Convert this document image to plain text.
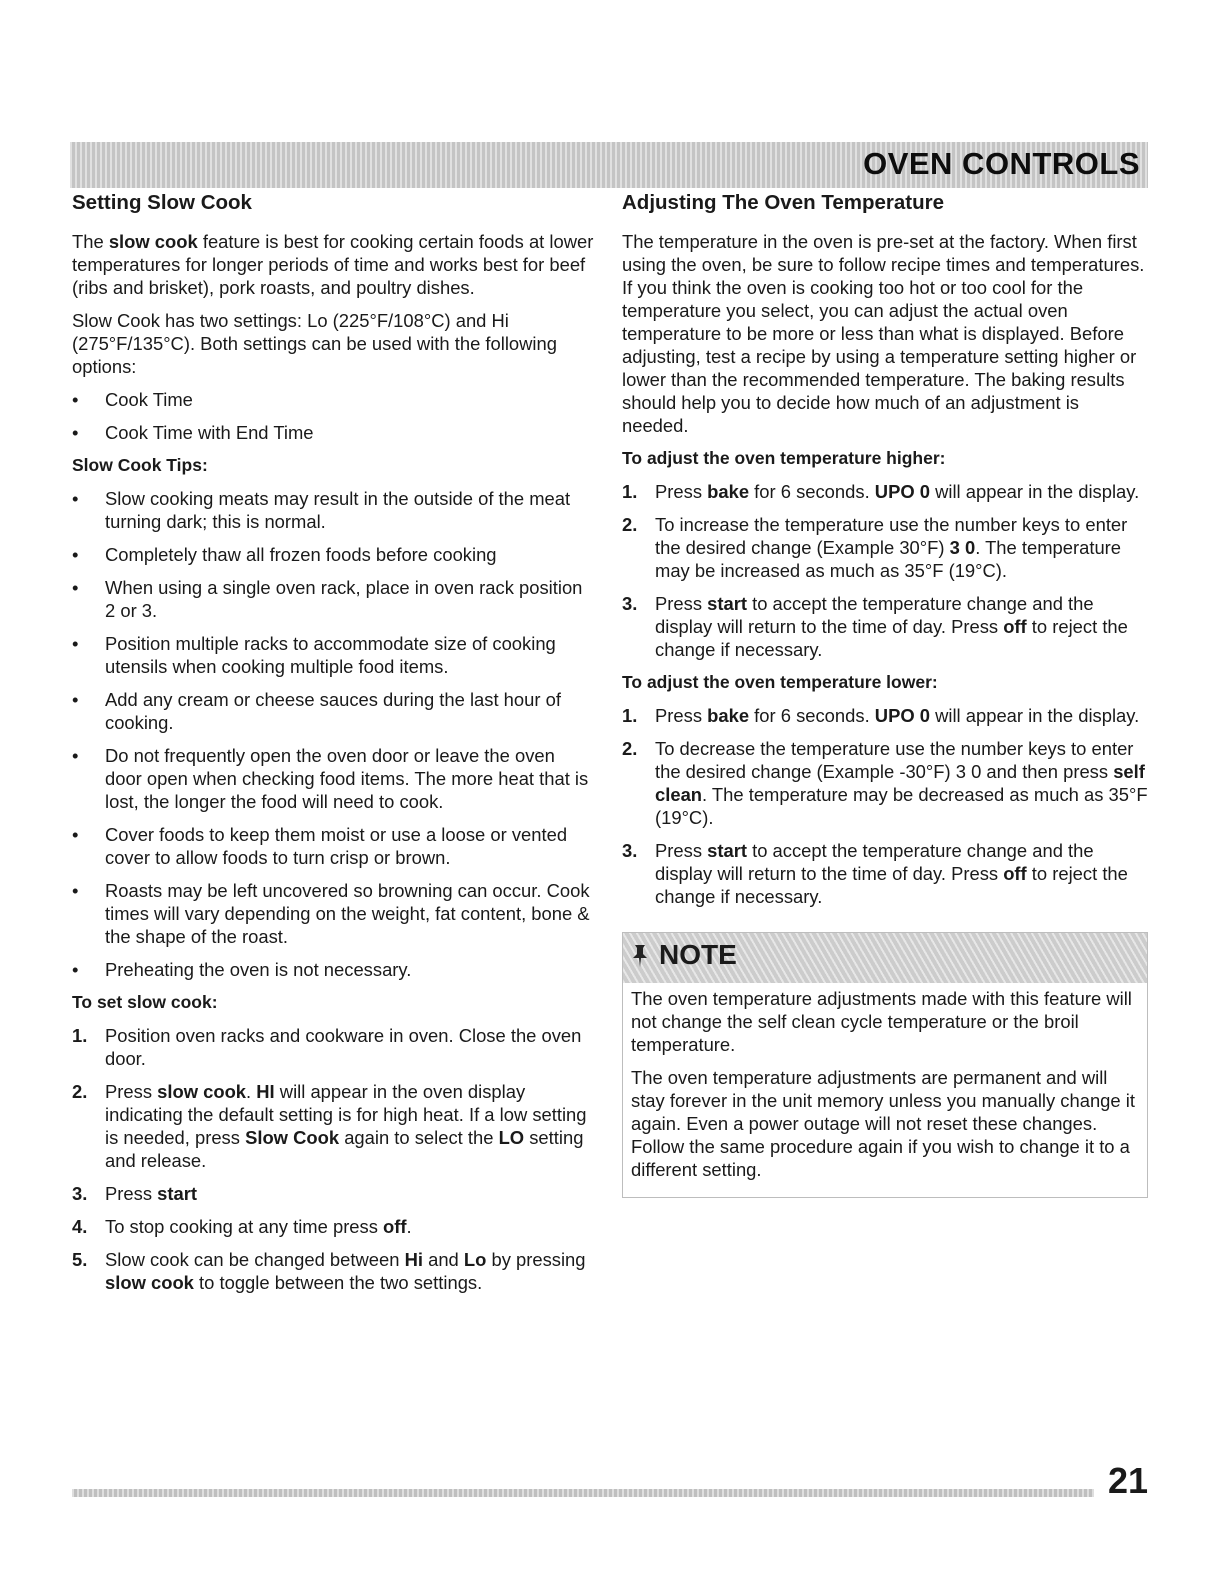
OVEN CONTROLS
Setting Slow Cook

The slow cook feature is best for cooking certain foods at lower temperatures for longer periods of time and works best for beef (ribs and brisket), pork roasts, and poultry dishes.

Slow Cook has two settings: Lo (225°F/108°C) and Hi (275°F/135°C). Both settings can be used with the following options:

•	Cook Time
•	Cook Time with End Time
Slow Cook Tips:
•	Slow cooking meats may result in the outside of the meat turning dark; this is normal.
•	Completely thaw all frozen foods before cooking
•	When using a single oven rack, place in oven rack position 2 or 3.
•	Position multiple racks to accommodate size of cooking utensils when cooking multiple food items.
•	Add any cream or cheese sauces during the last hour of cooking.
•	Do not frequently open the oven door or leave the oven door open when checking food items. The more heat that is lost, the longer the food will need to cook.
•	Cover foods to keep them moist or use a loose or vented cover to allow foods to turn crisp or brown.
•	Roasts may be left uncovered so browning can occur. Cook times will vary depending on the weight, fat content, bone & the shape of the roast.
•	Preheating the oven is not necessary.
To set slow cook:
1. Position oven racks and cookware in oven. Close the oven door.
2. Press slow cook. HI will appear in the oven display indicating the default setting is for high heat. If a low setting is needed, press Slow Cook again to select the LO setting and release.
3. Press start
4. To stop cooking at any time press off.
5. Slow cook can be changed between Hi and Lo by pressing slow cook to toggle between the two settings.
Adjusting The Oven Temperature

The temperature in the oven is pre-set at the factory. When first using the oven, be sure to follow recipe times and temperatures. If you think the oven is cooking too hot or too cool for the temperature you select, you can adjust the actual oven temperature to be more or less than what is displayed. Before adjusting, test a recipe by using a temperature setting higher or lower than the recommended temperature. The baking results should help you to decide how much of an adjustment is needed.

To adjust the oven temperature higher:
1. Press bake for 6 seconds. UPO 0 will appear in the display.
2. To increase the temperature use the number keys to enter the desired change (Example 30°F) 3 0. The temperature may be increased as much as 35°F (19°C).
3. Press start to accept the temperature change and the display will return to the time of day. Press off to reject the change if necessary.
To adjust the oven temperature lower:
1. Press bake for 6 seconds. UPO 0 will appear in the display.
2. To decrease the temperature use the number keys to enter the desired change (Example -30°F) 3 0 and then press self clean. The temperature may be decreased as much as 35°F (19°C).
3. Press start to accept the temperature change and the display will return to the time of day. Press off to reject the change if necessary.
NOTE

The oven temperature adjustments made with this feature will not change the self clean cycle temperature or the broil temperature.

The oven temperature adjustments are permanent and will stay forever in the unit memory unless you manually change it again. Even a power outage will not reset these changes. Follow the same procedure again if you wish to change it to a different setting.

21
